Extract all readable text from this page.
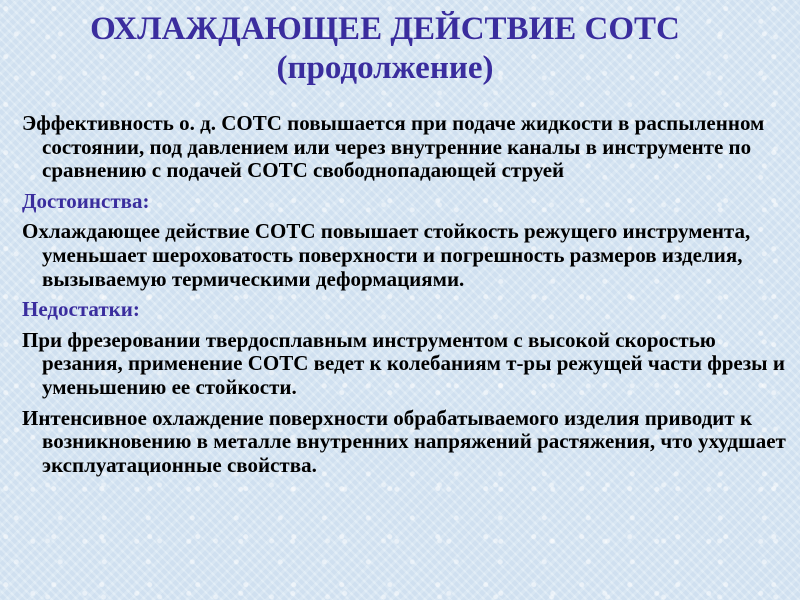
ОХЛАЖДАЮЩЕЕ ДЕЙСТВИЕ СОТС
(продолжение)

Эффективность о. д. СОТС повышается при подаче жидкости в распыленном состоянии, под давлением или через внутренние каналы в инструменте по сравнению с подачей СОТС свободнопадающей струей

Достоинства:

Охлаждающее действие СОТС повышает стойкость режущего инструмента, уменьшает шероховатость поверхности и погрешность размеров изделия, вызываемую термическими деформациями.

Недостатки:

При фрезеровании твердосплавным инструментом с высокой скоростью резания, применение СОТС ведет к колебаниям т-ры режущей части фрезы и уменьшению ее стойкости.

Интенсивное охлаждение поверхности обрабатываемого изделия приводит к возникновению в металле внутренних напряжений растяжения, что ухудшает эксплуатационные свойства.
